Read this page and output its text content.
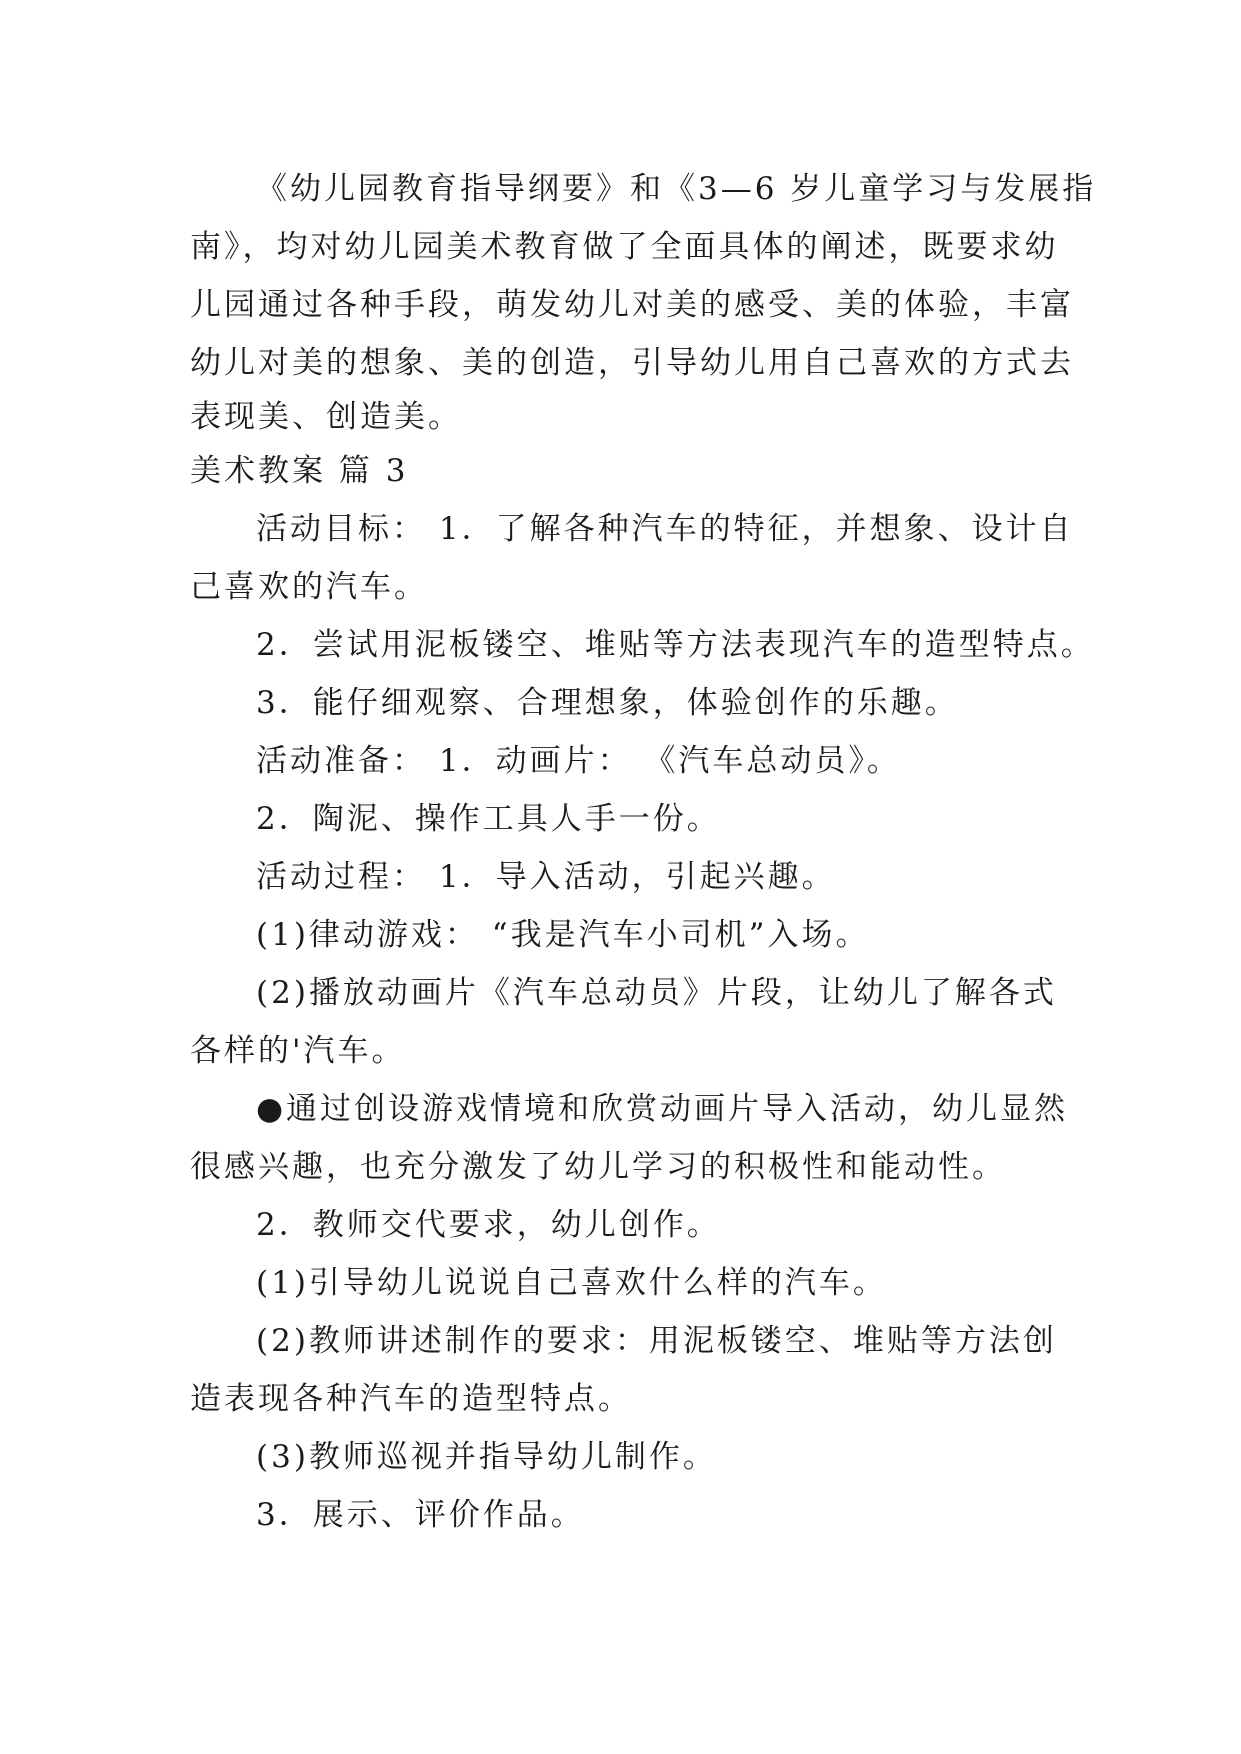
《幼儿园教育指导纲要》和《3—6 岁儿童学习与发展指
南》，均对幼儿园美术教育做了全面具体的阐述，既要求幼
儿园通过各种手段，萌发幼儿对美的感受、美的体验，丰富
幼儿对美的想象、美的创造，引导幼儿用自己喜欢的方式去
表现美、创造美。
美术教案 篇 3
活动目标： 1．了解各种汽车的特征，并想象、设计自
己喜欢的汽车。
2．尝试用泥板镂空、堆贴等方法表现汽车的造型特点。
3．能仔细观察、合理想象，体验创作的乐趣。
活动准备： 1．动画片： 《汽车总动员》。
2．陶泥、操作工具人手一份。
活动过程： 1．导入活动，引起兴趣。
(1)律动游戏： “我是汽车小司机”入场。
(2)播放动画片《汽车总动员》片段，让幼儿了解各式
各样的'汽车。
●通过创设游戏情境和欣赏动画片导入活动，幼儿显然
很感兴趣，也充分激发了幼儿学习的积极性和能动性。
2．教师交代要求，幼儿创作。
(1)引导幼儿说说自己喜欢什么样的汽车。
(2)教师讲述制作的要求：用泥板镂空、堆贴等方法创
造表现各种汽车的造型特点。
(3)教师巡视并指导幼儿制作。
3．展示、评价作品。
